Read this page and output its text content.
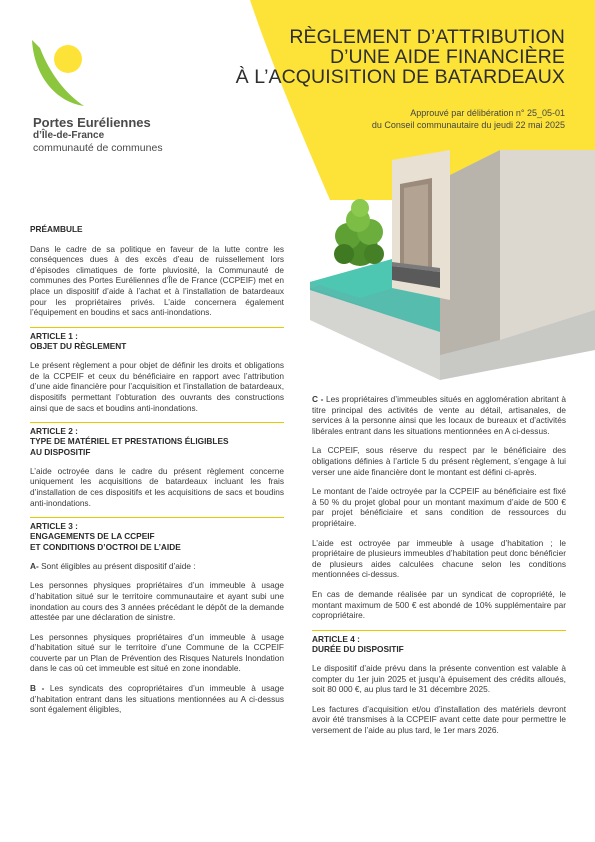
Portes Euréliennes
d’Île-de-France
communauté de communes
RÈGLEMENT D’ATTRIBUTION
D’UNE AIDE FINANCIÈRE
À L’ACQUISITION DE BATARDEAUX
Approuvé par délibération n° 25_05-01
du Conseil communautaire du jeudi 22 mai 2025
PRÉAMBULE

Dans le cadre de sa politique en faveur de la lutte contre les conséquences dues à des excès d’eau de ruissellement lors d’épisodes climatiques de forte pluviosité, la Communauté de communes des Portes Euréliennes d’Île de France (CCPEIF) met en place un dispositif d’aide à l’achat et à l’installation de batardeaux pour les propriétaires privés. L’aide concernera également l’équipement en boudins et sacs anti-inondations.

ARTICLE 1 :
OBJET DU RÈGLEMENT

Le présent règlement a pour objet de définir les droits et obligations de la CCPEIF et ceux du bénéficiaire en rapport avec l’attribution d’une aide financière pour l’acquisition et l’installation de batardeaux, dispositifs permettant l’obturation des ouvrants des constructions ainsi que de sacs et boudins anti-inondations.

ARTICLE 2 :
TYPE DE MATÉRIEL ET PRESTATIONS ÉLIGIBLES
AU DISPOSITIF

L’aide octroyée dans le cadre du présent règlement concerne uniquement les acquisitions de batardeaux incluant les frais d’installation de ces dispositifs et les acquisitions de sacs et boudins anti-inondations.

ARTICLE 3 :
ENGAGEMENTS DE LA CCPEIF
ET CONDITIONS D’OCTROI DE L’AIDE

A- Sont éligibles au présent dispositif d’aide :

Les personnes physiques propriétaires d’un immeuble à usage d’habitation situé sur le territoire communautaire et ayant subi une inondation au cours des 3 années précédant le dépôt de la demande attestée par une déclaration de sinistre.

Les personnes physiques propriétaires d’un immeuble à usage d’habitation situé sur le territoire d’une Commune de la CCPEIF couverte par un Plan de Prévention des Risques Naturels Inondation dans le cas où cet immeuble est situé en zone inondable.

B - Les syndicats des copropriétaires d’un immeuble à usage d’habitation entrant dans les situations mentionnées au A ci-dessus sont également éligibles,

C - Les propriétaires d’immeubles situés en agglomération abritant à titre principal des activités de vente au détail, artisanales, de services à la personne ainsi que les locaux de bureaux et d’activités libérales entrant dans les situations mentionnées en A ci-dessus.

La CCPEIF, sous réserve du respect par le bénéficiaire des obligations définies à l’article 5 du présent règlement, s’engage à lui verser une aide financière dont le montant est défini ci-après.

Le montant de l’aide octroyée par la CCPEIF au bénéficiaire est fixé à 50 % du projet global pour un montant maximum d’aide de 500 € par projet bénéficiaire et sans condition de ressources du propriétaire.

L’aide est octroyée par immeuble à usage d’habitation ; le propriétaire de plusieurs immeubles d’habitation peut donc bénéficier de plusieurs aides calculées chacune selon les conditions mentionnées ci-dessus.

En cas de demande réalisée par un syndicat de copropriété, le montant maximum de 500 € est abondé de 10% supplémentaire par copropriétaire.

ARTICLE 4 :
DURÉE DU DISPOSITIF

Le dispositif d’aide prévu dans la présente convention est valable à compter du 1er juin 2025 et jusqu’à épuisement des crédits alloués, soit 80 000 €, au plus tard le 31 décembre 2025.

Les factures d’acquisition et/ou d’installation des matériels devront avoir été transmises à la CCPEIF avant cette date pour permettre le versement de l’aide au plus tard, le 1er mars 2026.
